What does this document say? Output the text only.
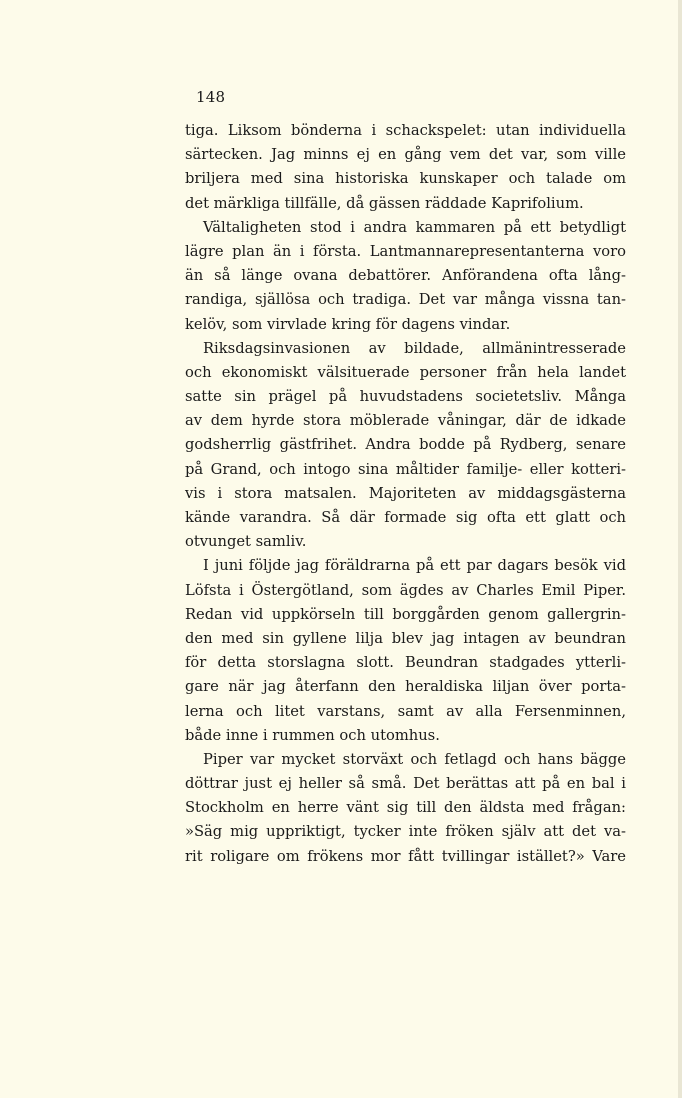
148
tiga. Liksom bönderna i schackspelet: utan individuella
särtecken. Jag minns ej en gång vem det var, som ville
briljera med sina historiska kunskaper och talade om
det märkliga tillfälle, då gässen räddade Kaprifolium.
Vältaligheten stod i andra kammaren på ett betydligt
lägre plan än i första. Lantmannarepresentanterna voro
än så länge ovana debattörer. Anförandena ofta lång-
randiga, själlösa och tradiga. Det var många vissna tan-
kelöv, som virvlade kring för dagens vindar.
Riksdagsinvasionen av bildade, allmänintresserade
och ekonomiskt välsituerade personer från hela landet
satte sin prägel på huvudstadens societetsliv. Många
av dem hyrde stora möblerade våningar, där de idkade
godsherrlig gästfrihet. Andra bodde på Rydberg, senare
på Grand, och intogo sina måltider familje- eller kotteri-
vis i stora matsalen. Majoriteten av middagsgästerna
kände varandra. Så där formade sig ofta ett glatt och
otvunget samliv.
I juni följde jag föräldrarna på ett par dagars besök vid
Löfsta i Östergötland, som ägdes av Charles Emil Piper.
Redan vid uppkörseln till borggården genom gallergrin-
den med sin gyllene lilja blev jag intagen av beundran
för detta storslagna slott. Beundran stadgades ytterli-
gare när jag återfann den heraldiska liljan över porta-
lerna och litet varstans, samt av alla Fersenminnen,
både inne i rummen och utomhus.
Piper var mycket storväxt och fetlagd och hans bägge
döttrar just ej heller så små. Det berättas att på en bal i
Stockholm en herre vänt sig till den äldsta med frågan:
»Säg mig uppriktigt, tycker inte fröken själv att det va-
rit roligare om frökens mor fått tvillingar istället?» Vare
